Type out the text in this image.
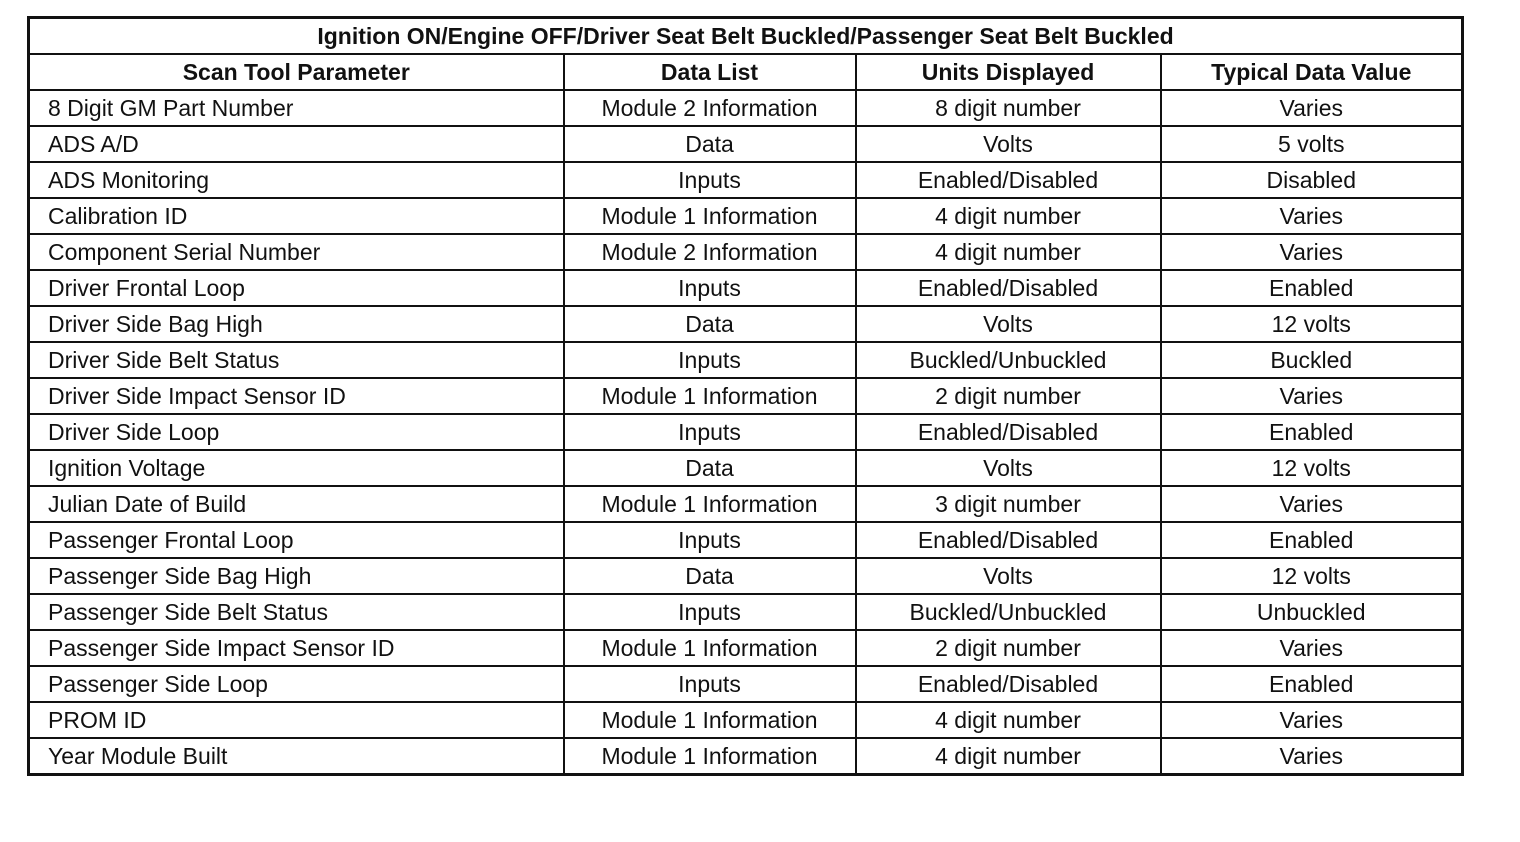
Ignition ON/Engine OFF/Driver Seat Belt Buckled/Passenger Seat Belt Buckled			
Scan Tool Parameter	Data List	Units Displayed	Typical Data Value
8 Digit GM Part Number	Module 2 Information	8 digit number	Varies
ADS A/D	Data	Volts	5 volts
ADS Monitoring	Inputs	Enabled/Disabled	Disabled
Calibration ID	Module 1 Information	4 digit number	Varies
Component Serial Number	Module 2 Information	4 digit number	Varies
Driver Frontal Loop	Inputs	Enabled/Disabled	Enabled
Driver Side Bag High	Data	Volts	12 volts
Driver Side Belt Status	Inputs	Buckled/Unbuckled	Buckled
Driver Side Impact Sensor ID	Module 1 Information	2 digit number	Varies
Driver Side Loop	Inputs	Enabled/Disabled	Enabled
Ignition Voltage	Data	Volts	12 volts
Julian Date of Build	Module 1 Information	3 digit number	Varies
Passenger Frontal Loop	Inputs	Enabled/Disabled	Enabled
Passenger Side Bag High	Data	Volts	12 volts
Passenger Side Belt Status	Inputs	Buckled/Unbuckled	Unbuckled
Passenger Side Impact Sensor ID	Module 1 Information	2 digit number	Varies
Passenger Side Loop	Inputs	Enabled/Disabled	Enabled
PROM ID	Module 1 Information	4 digit number	Varies
Year Module Built	Module 1 Information	4 digit number	Varies
